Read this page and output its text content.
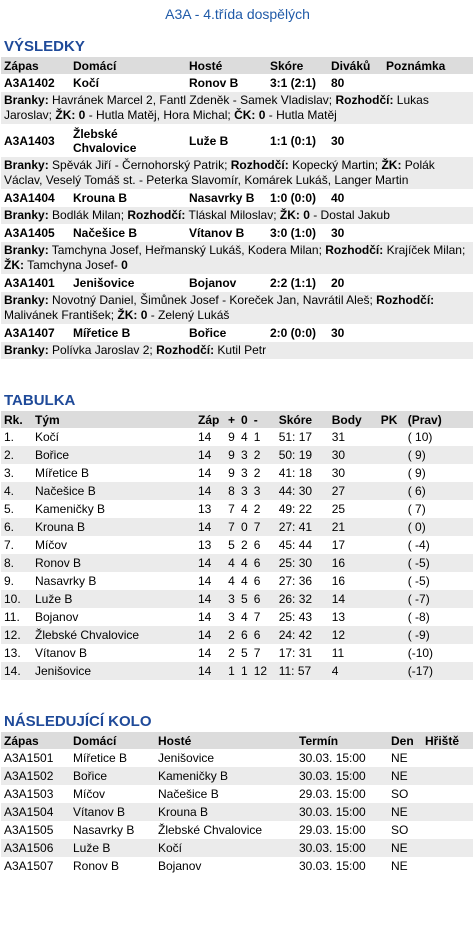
A3A - 4.třída dospělých
VÝSLEDKY
Zápas	Domácí	Hosté	Skóre	Diváků	Poznámka
A3A1402	Kočí	Ronov B	3:1 (2:1)	80	
Branky: Havránek Marcel 2, Fantl Zdeněk - Samek Vladislav; Rozhodčí: Lukas Jaroslav; ŽK: 0 - Hutla Matěj, Hora Michal; ČK: 0 - Hutla Matěj					
A3A1403	Žlebské Chvalovice	Luže B	1:1 (0:1)	30	
Branky: Spěvák Jiří - Černohorský Patrik; Rozhodčí: Kopecký Martin; ŽK: Polák Václav, Veselý Tomáš st. - Peterka Slavomír, Komárek Lukáš, Langer Martin					
A3A1404	Krouna B	Nasavrky B	1:0 (0:0)	40	
Branky: Bodlák Milan; Rozhodčí: Tláskal Miloslav; ŽK: 0 - Dostal Jakub					
A3A1405	Načešice B	Vítanov B	3:0 (1:0)	30	
Branky: Tamchyna Josef, Heřmanský Lukáš, Kodera Milan; Rozhodčí: Krajíček Milan; ŽK: Tamchyna Josef- 0					
A3A1401	Jenišovice	Bojanov	2:2 (1:1)	20	
Branky: Novotný Daniel, Šimůnek Josef - Koreček Jan, Navrátil Aleš; Rozhodčí: Malivánek František; ŽK: 0 - Zelený Lukáš					
A3A1407	Mířetice B	Bořice	2:0 (0:0)	30	
Branky: Polívka Jaroslav 2; Rozhodčí: Kutil Petr					
TABULKA
Rk.	Tým	Záp	+	0	-	Skóre	Body	PK	(Prav)
1.	Kočí	14	9	4	1	51: 17	31		( 10)
2.	Bořice	14	9	3	2	50: 19	30		( 9)
3.	Mířetice B	14	9	3	2	41: 18	30		( 9)
4.	Načešice B	14	8	3	3	44: 30	27		( 6)
5.	Kameničky B	13	7	4	2	49: 22	25		( 7)
6.	Krouna B	14	7	0	7	27: 41	21		( 0)
7.	Míčov	13	5	2	6	45: 44	17		( -4)
8.	Ronov B	14	4	4	6	25: 30	16		( -5)
9.	Nasavrky B	14	4	4	6	27: 36	16		( -5)
10.	Luže B	14	3	5	6	26: 32	14		( -7)
11.	Bojanov	14	3	4	7	25: 43	13		( -8)
12.	Žlebské Chvalovice	14	2	6	6	24: 42	12		( -9)
13.	Vítanov B	14	2	5	7	17: 31	11		(-10)
14.	Jenišovice	14	1	1	12	11: 57	4		(-17)
NÁSLEDUJÍCÍ KOLO
Zápas	Domácí	Hosté	Termín	Den	Hřiště
A3A1501	Mířetice B	Jenišovice	30.03. 15:00	NE	
A3A1502	Bořice	Kameničky B	30.03. 15:00	NE	
A3A1503	Míčov	Načešice B	29.03. 15:00	SO	
A3A1504	Vítanov B	Krouna B	30.03. 15:00	NE	
A3A1505	Nasavrky B	Žlebské Chvalovice	29.03. 15:00	SO	
A3A1506	Luže B	Kočí	30.03. 15:00	NE	
A3A1507	Ronov B	Bojanov	30.03. 15:00	NE	
